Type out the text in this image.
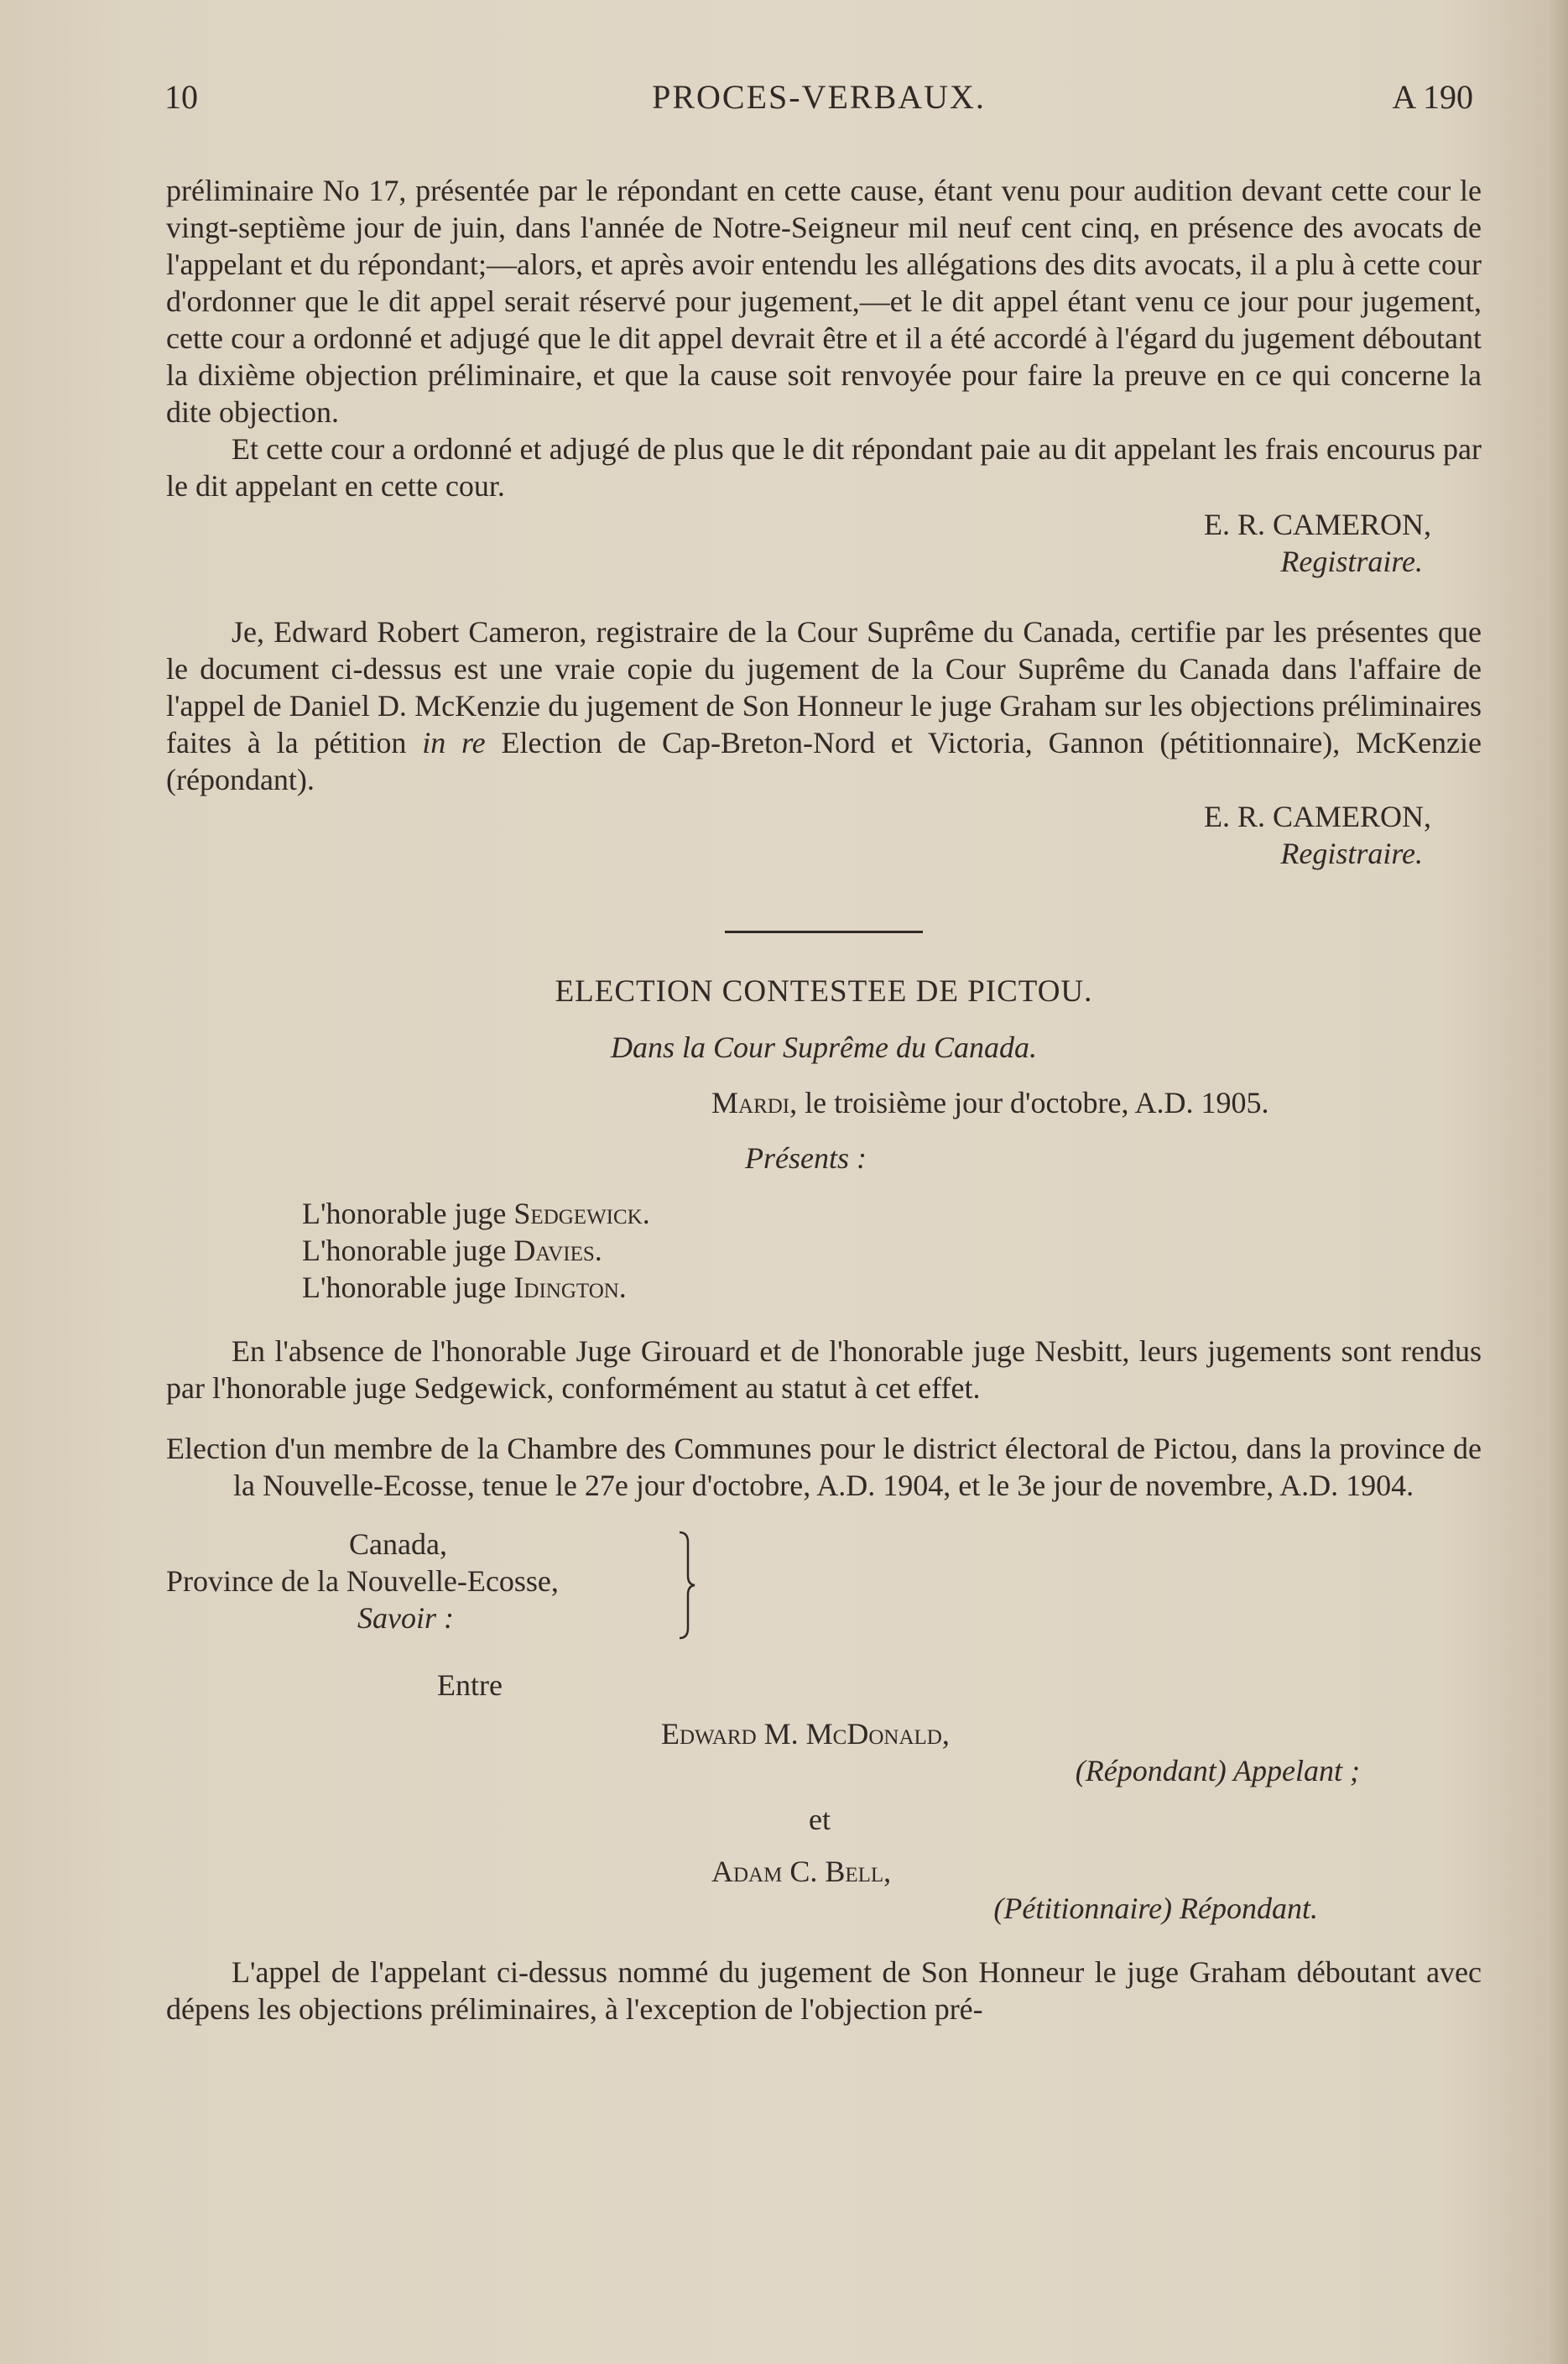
10	PROCES-VERBAUX.	A 190

préliminaire No 17, présentée par le répondant en cette cause, étant venu pour audition devant cette cour le vingt-septième jour de juin, dans l'année de Notre-Seigneur mil neuf cent cinq, en présence des avocats de l'appelant et du répondant;—alors, et après avoir entendu les allégations des dits avocats, il a plu à cette cour d'ordonner que le dit appel serait réservé pour jugement,—et le dit appel étant venu ce jour pour jugement, cette cour a ordonné et adjugé que le dit appel devrait être et il a été accordé à l'égard du jugement déboutant la dixième objection préliminaire, et que la cause soit renvoyée pour faire la preuve en ce qui concerne la dite objection.

Et cette cour a ordonné et adjugé de plus que le dit répondant paie au dit appelant les frais encourus par le dit appelant en cette cour.

E. R. CAMERON,

Registraire.

Je, Edward Robert Cameron, registraire de la Cour Suprême du Canada, certifie par les présentes que le document ci-dessus est une vraie copie du jugement de la Cour Suprême du Canada dans l'affaire de l'appel de Daniel D. McKenzie du jugement de Son Honneur le juge Graham sur les objections préliminaires faites à la pétition in re Election de Cap-Breton-Nord et Victoria, Gannon (pétitionnaire), McKenzie (répondant).

E. R. CAMERON,

Registraire.

ELECTION CONTESTEE DE PICTOU.

Dans la Cour Suprême du Canada.

Mardi, le troisième jour d'octobre, A.D. 1905.

Présents :

L'honorable juge Sedgewick.

L'honorable juge Davies.

L'honorable juge Idington.

En l'absence de l'honorable Juge Girouard et de l'honorable juge Nesbitt, leurs jugements sont rendus par l'honorable juge Sedgewick, conformément au statut à cet effet.

Election d'un membre de la Chambre des Communes pour le district électoral de Pictou, dans la province de la Nouvelle-Ecosse, tenue le 27e jour d'octobre, A.D. 1904, et le 3e jour de novembre, A.D. 1904.

Canada,

Province de la Nouvelle-Ecosse,

Savoir :

Entre

Edward M. McDonald,

(Répondant) Appelant ;

et

Adam C. Bell,

(Pétitionnaire) Répondant.

L'appel de l'appelant ci-dessus nommé du jugement de Son Honneur le juge Graham déboutant avec dépens les objections préliminaires, à l'exception de l'objection pré-
